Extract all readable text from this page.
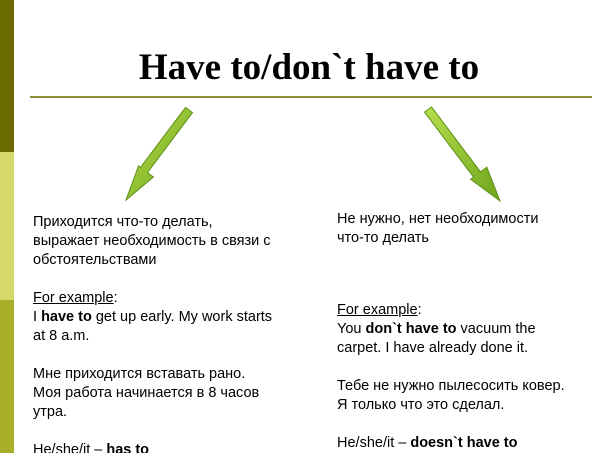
Have to/don`t have to

Приходится что-то делать,

выражает необходимость в связи с

обстоятельствами

For example:

I have to get up early. My work starts

at 8 a.m.

Мне приходится вставать рано.

Моя работа начинается в 8 часов

утра.

He/she/it – has to

Не нужно, нет необходимости

что-то делать

For example:

You don`t have to vacuum the

carpet. I have already done it.

Тебе не нужно пылесосить ковер.

Я только что это сделал.

He/she/it – doesn`t have to
